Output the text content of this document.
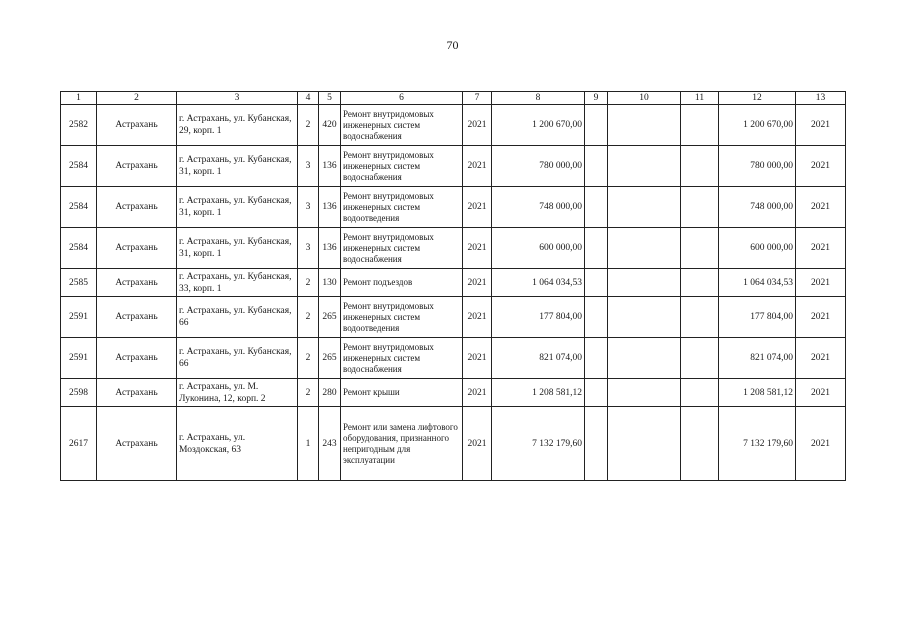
70
1	2	3	4	5	6	7	8	9	10	11	12	13
2582	Астрахань	г. Астрахань, ул. Кубанская, 29, корп. 1	2	420	Ремонт внутридомовых инженерных систем водоснабжения	2021	1 200 670,00				1 200 670,00	2021
2584	Астрахань	г. Астрахань, ул. Кубанская, 31, корп. 1	3	136	Ремонт внутридомовых инженерных систем водоснабжения	2021	780 000,00				780 000,00	2021
2584	Астрахань	г. Астрахань, ул. Кубанская, 31, корп. 1	3	136	Ремонт внутридомовых инженерных систем водоотведения	2021	748 000,00				748 000,00	2021
2584	Астрахань	г. Астрахань, ул. Кубанская, 31, корп. 1	3	136	Ремонт внутридомовых инженерных систем водоснабжения	2021	600 000,00				600 000,00	2021
2585	Астрахань	г. Астрахань, ул. Кубанская, 33, корп. 1	2	130	Ремонт подъездов	2021	1 064 034,53				1 064 034,53	2021
2591	Астрахань	г. Астрахань, ул. Кубанская, 66	2	265	Ремонт внутридомовых инженерных систем водоотведения	2021	177 804,00				177 804,00	2021
2591	Астрахань	г. Астрахань, ул. Кубанская, 66	2	265	Ремонт внутридомовых инженерных систем водоснабжения	2021	821 074,00				821 074,00	2021
2598	Астрахань	г. Астрахань, ул. М. Луконина, 12, корп. 2	2	280	Ремонт крыши	2021	1 208 581,12				1 208 581,12	2021
2617	Астрахань	г. Астрахань, ул. Моздокская, 63	1	243	Ремонт или замена лифтового оборудования, признанного непригодным для эксплуатации	2021	7 132 179,60				7 132 179,60	2021
